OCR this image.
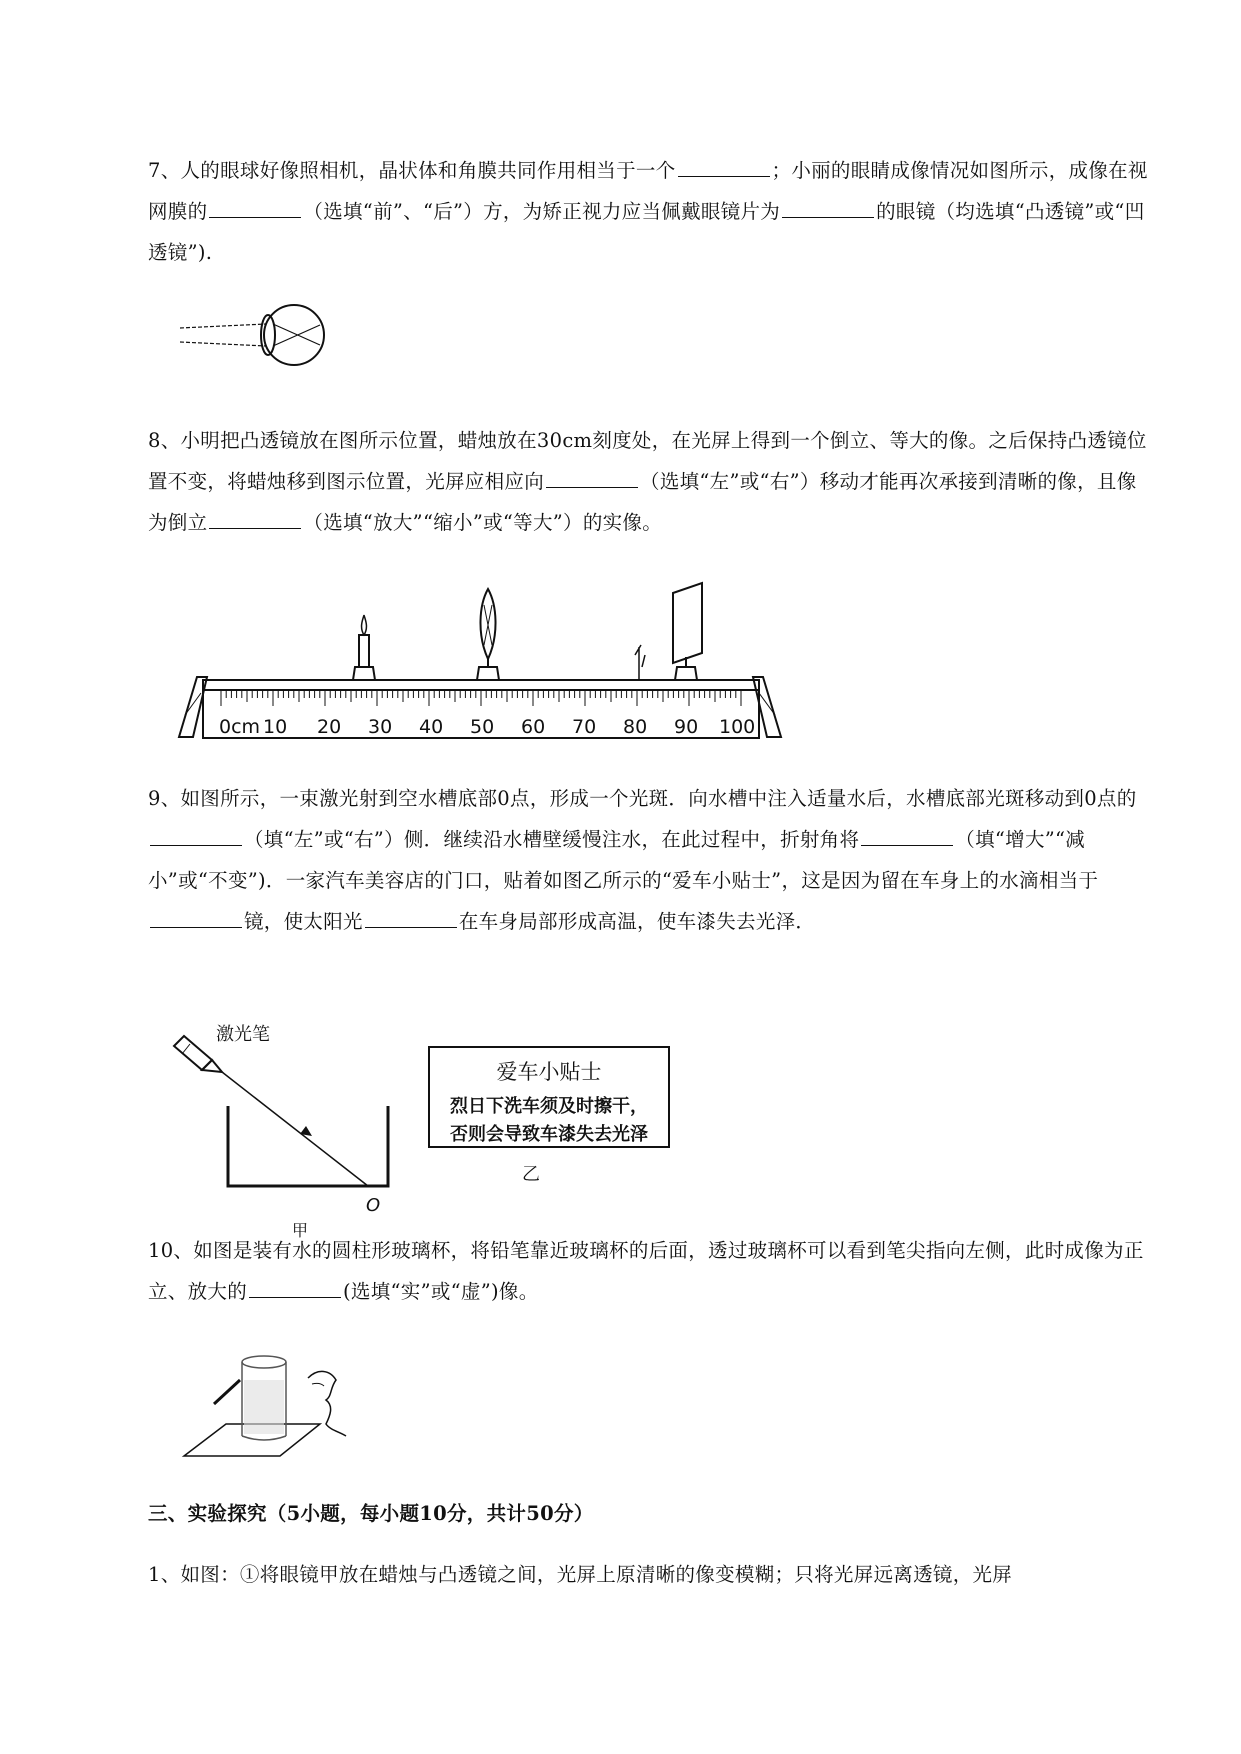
7、人的眼球好像照相机，晶状体和角膜共同作用相当于一个	；小丽的眼睛成像情况如图所示，成像在视网膜的	（选填“前”、“后”）方，为矫正视力应当佩戴眼镜片为	的眼镜（均选填“凸透镜”或“凹透镜”).
8、小明把凸透镜放在图所示位置，蜡烛放在30cm刻度处，在光屏上得到一个倒立、等大的像。之后保持凸透镜位置不变，将蜡烛移到图示位置，光屏应相应向	（选填“左”或“右”）移动才能再次承接到清晰的像，且像为倒立	（选填“放大”“缩小”或“等大”）的实像。
0cm 10 20 30 40 50 60 70 80 90 100
9、如图所示，一束激光射到空水槽底部0点，形成一个光斑．向水槽中注入适量水后，水槽底部光斑移动到0点的（填“左”或“右”）侧．继续沿水槽壁缓慢注水，在此过程中，折射角将	（填“增大”“减小”或“不变”)．一家汽车美容店的门口，贴着如图乙所示的“爱车小贴士”，这是因为留在车身上的水滴相当于镜，使太阳光	在车身局部形成高温，使车漆失去光泽．
激光笔
O
甲
爱车小贴士
烈日下洗车须及时擦干，
否则会导致车漆失去光泽
乙
10、如图是装有水的圆柱形玻璃杯，将铅笔靠近玻璃杯的后面，透过玻璃杯可以看到笔尖指向左侧，此时成像为正立、放大的	(选填“实”或“虚”)像。
三、实验探究（5小题，每小题10分，共计50分）
1、如图：①将眼镜甲放在蜡烛与凸透镜之间，光屏上原清晰的像变模糊；只将光屏远离透镜，光屏
